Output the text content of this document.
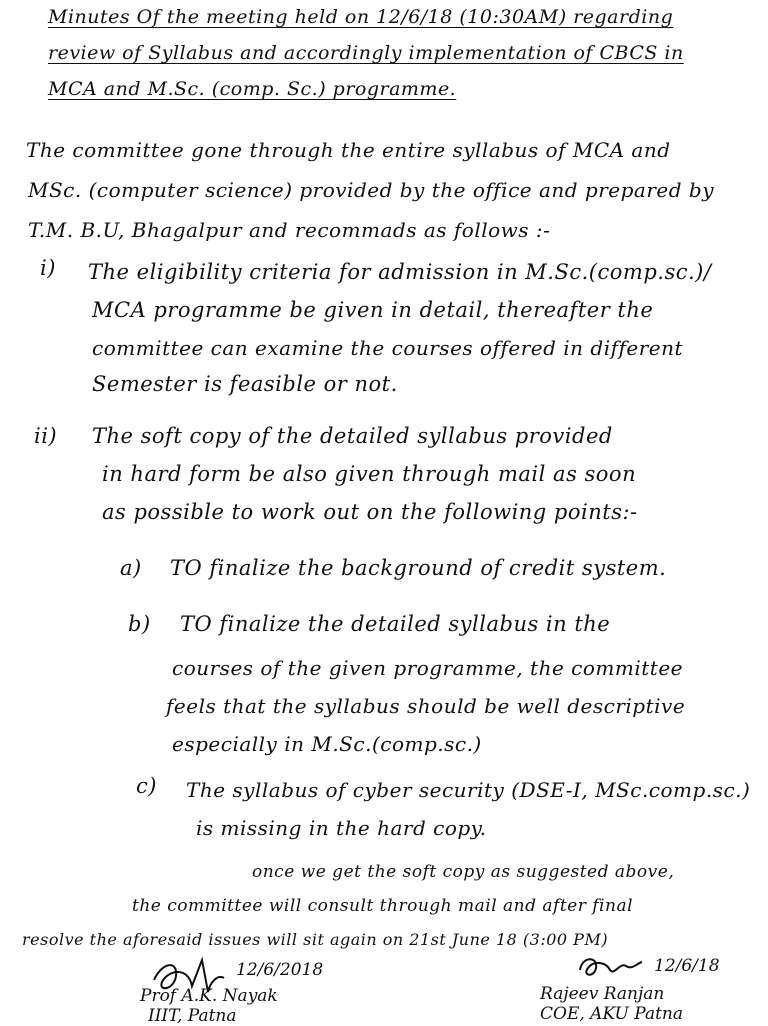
Minutes Of the meeting held on 12/6/18 (10:30AM) regarding
review of Syllabus and accordingly implementation of CBCS in
MCA and M.Sc. (comp. Sc.) programme.
The committee gone through the entire syllabus of MCA and
MSc. (computer science) provided by the office and prepared by
T.M. B.U, Bhagalpur and recommads as follows :-
i) The eligibility criteria for admission in M.Sc.(comp.sc.)/
MCA programme be given in detail, thereafter the
committee can examine the courses offered in different
Semester is feasible or not.
ii) The soft copy of the detailed syllabus provided
in hard form be also given through mail as soon
as possible to work out on the following points:-
a) TO finalize the background of credit system.
b) TO finalize the detailed syllabus in the
courses of the given programme, the committee
feels that the syllabus should be well descriptive
especially in M.Sc.(comp.sc.)
c) The syllabus of cyber security (DSE-I, MSc.comp.sc.)
is missing in the hard copy.
once we get the soft copy as suggested above,
the committee will consult through mail and after final
resolve the aforesaid issues will sit again on 21st June 18 (3:00 PM)
12/6/2018
Prof A.K. Nayak
IIIT, Patna
12/6/18
Rajeev Ranjan
COE, AKU Patna
